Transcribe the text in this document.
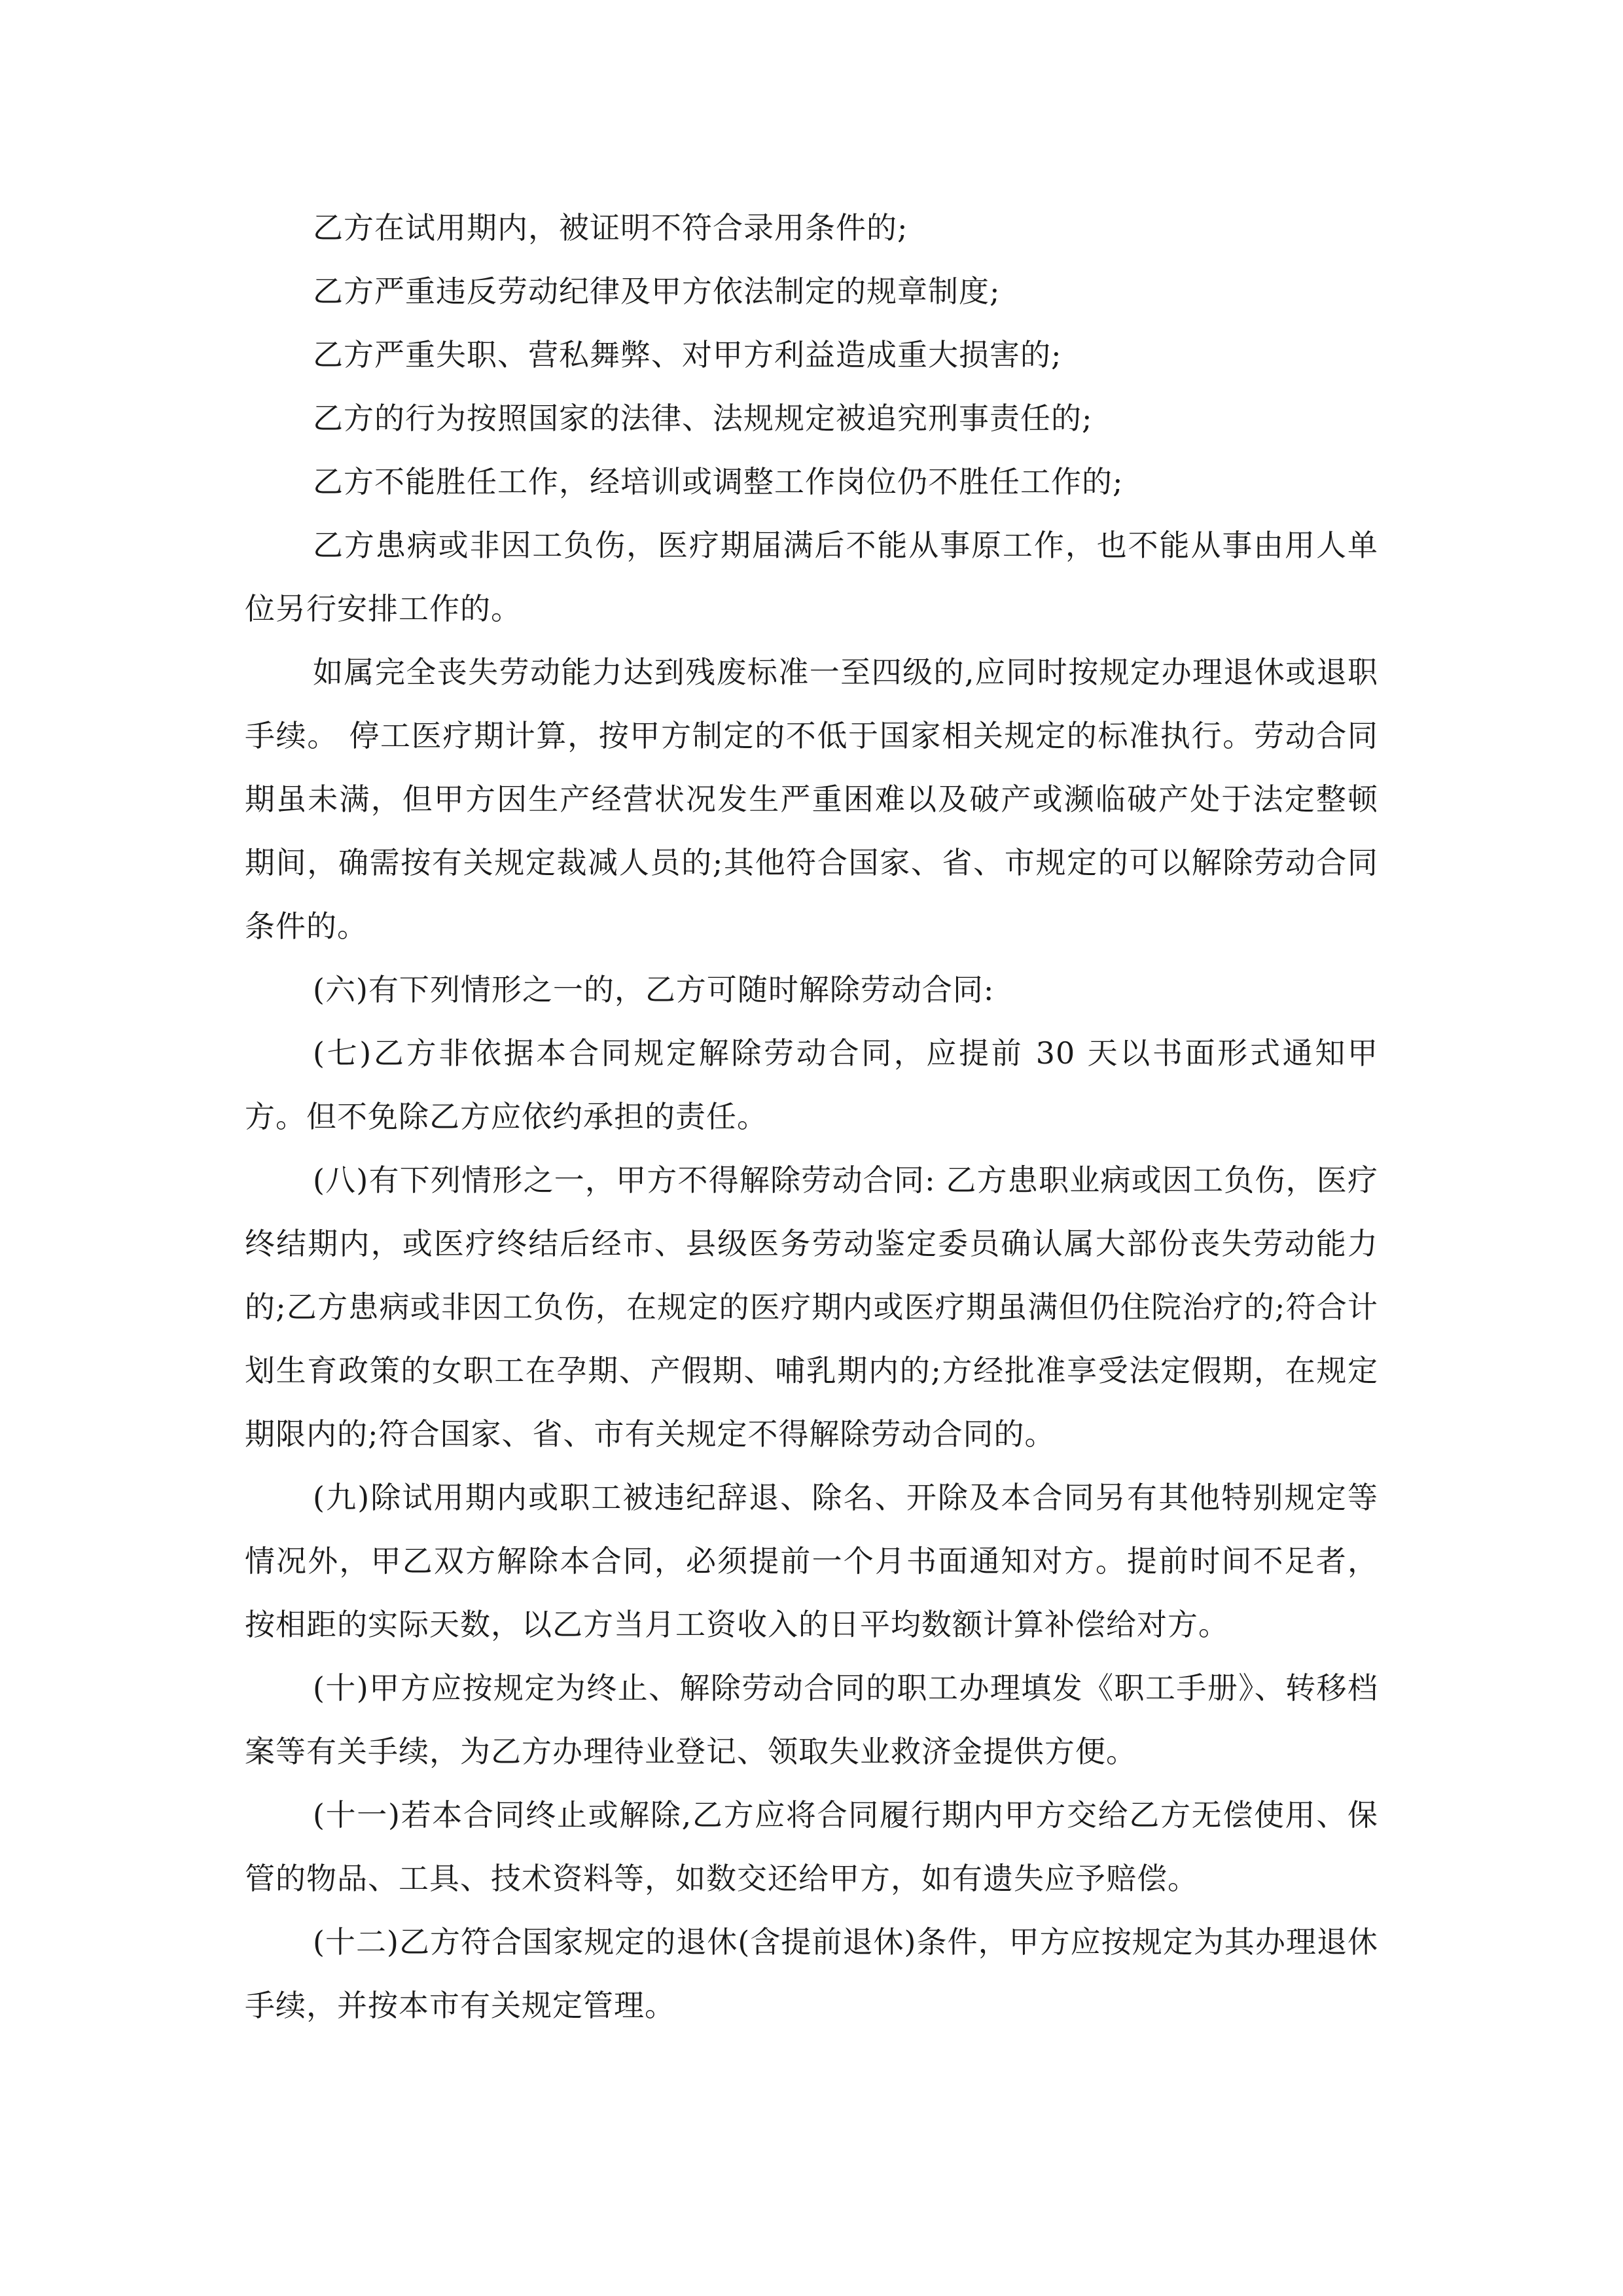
乙方在试用期内，被证明不符合录用条件的;

乙方严重违反劳动纪律及甲方依法制定的规章制度;

乙方严重失职、营私舞弊、对甲方利益造成重大损害的;

乙方的行为按照国家的法律、法规规定被追究刑事责任的;

乙方不能胜任工作，经培训或调整工作岗位仍不胜任工作的;

乙方患病或非因工负伤，医疗期届满后不能从事原工作，也不能从事由用人单位另行安排工作的。

如属完全丧失劳动能力达到残废标准一至四级的,应同时按规定办理退休或退职手续。 停工医疗期计算，按甲方制定的不低于国家相关规定的标准执行。劳动合同期虽未满，但甲方因生产经营状况发生严重困难以及破产或濒临破产处于法定整顿期间，确需按有关规定裁减人员的;其他符合国家、省、市规定的可以解除劳动合同条件的。

(六)有下列情形之一的，乙方可随时解除劳动合同:

(七)乙方非依据本合同规定解除劳动合同，应提前 30 天以书面形式通知甲方。但不免除乙方应依约承担的责任。

(八)有下列情形之一，甲方不得解除劳动合同: 乙方患职业病或因工负伤，医疗终结期内，或医疗终结后经市、县级医务劳动鉴定委员确认属大部份丧失劳动能力的;乙方患病或非因工负伤，在规定的医疗期内或医疗期虽满但仍住院治疗的;符合计划生育政策的女职工在孕期、产假期、哺乳期内的;方经批准享受法定假期，在规定期限内的;符合国家、省、市有关规定不得解除劳动合同的。

(九)除试用期内或职工被违纪辞退、除名、开除及本合同另有其他特别规定等情况外，甲乙双方解除本合同，必须提前一个月书面通知对方。提前时间不足者，按相距的实际天数，以乙方当月工资收入的日平均数额计算补偿给对方。

(十)甲方应按规定为终止、解除劳动合同的职工办理填发《职工手册》、转移档案等有关手续，为乙方办理待业登记、领取失业救济金提供方便。

(十一)若本合同终止或解除,乙方应将合同履行期内甲方交给乙方无偿使用、保管的物品、工具、技术资料等，如数交还给甲方，如有遗失应予赔偿。

(十二)乙方符合国家规定的退休(含提前退休)条件，甲方应按规定为其办理退休手续，并按本市有关规定管理。
